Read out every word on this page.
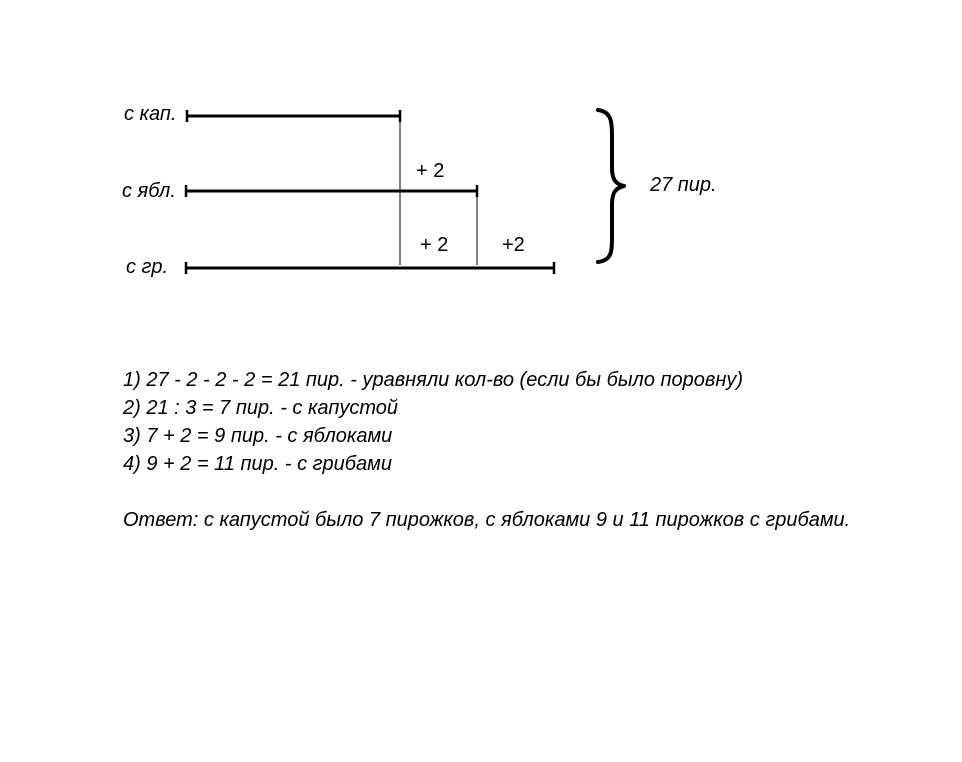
с кап.
с ябл.
с гр.
+ 2
+ 2	+2
27 пир.
1) 27 - 2 - 2 - 2 = 21 пир. - уравняли кол-во (если бы было поровну)
2) 21 : 3 = 7 пир. - с капустой
3) 7 + 2 = 9 пир. - с яблоками
4) 9 + 2 = 11 пир. - с грибами
Ответ: с капустой было 7 пирожков, с яблоками 9 и 11 пирожков с грибами.
